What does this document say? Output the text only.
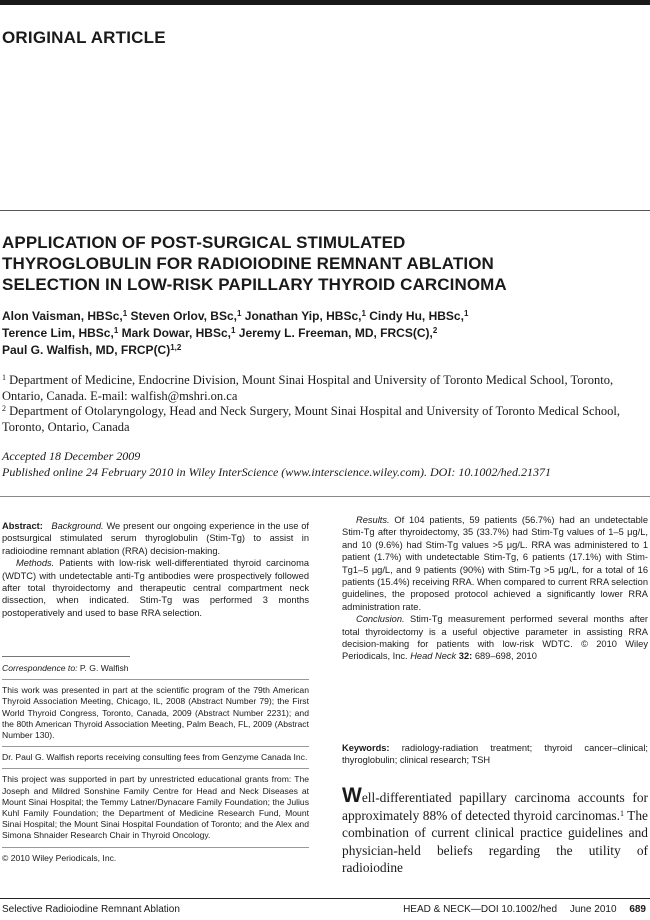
ORIGINAL ARTICLE
APPLICATION OF POST-SURGICAL STIMULATED
THYROGLOBULIN FOR RADIOIODINE REMNANT ABLATION
SELECTION IN LOW-RISK PAPILLARY THYROID CARCINOMA
Alon Vaisman, HBSc,$^1$ Steven Orlov, BSc,$^1$ Jonathan Yip, HBSc,$^1$ Cindy Hu, HBSc,$^1$
Terence Lim, HBSc,$^1$ Mark Dowar, HBSc,$^1$ Jeremy L. Freeman, MD, FRCS(C),$^2$
Paul G. Walfish, MD, $FRCP(C)^{1,2}$

$^1$ Department of Medicine, Endocrine Division, Mount Sinai Hospital and University of Toronto Medical School, Toronto, Ontario, Canada. E-mail: walfish@mshri.on.ca

$^2$ Department of Otolaryngology, Head and Neck Surgery, Mount Sinai Hospital and University of Toronto Medical School, Toronto, Ontario, Canada

Accepted 18 December 2009
Published online 24 February 2010 in Wiley InterScience (www.interscience.wiley.com). DOI: 10.1002/hed.21371

Abstract: Background. We present our ongoing experience in the use of postsurgical stimulated serum thyroglobulin (Stim-Tg) to assist in radioiodine remnant ablation (RRA) decision-making.

Methods. Patients with low-risk well-differentiated thyroid carcinoma (WDTC) with undetectable anti-Tg antibodies were prospectively followed after total thyroidectomy and therapeutic central compartment neck dissection, when indicated. Stim-Tg was performed 3 months postoperatively and used to base RRA selection.

Results. Of 104 patients, 59 patients (56.7%) had an undetectable Stim-Tg after thyroidectomy, 35 (33.7%) had Stim-Tg values of 1–5 μg/L, and 10 (9.6%) had Stim-Tg values >5 μg/L. RRA was administered to 1 patient (1.7%) with undetectable Stim-Tg, 6 patients (17.1%) with Stim-Tg1–5 μg/L, and 9 patients (90%) with Stim-Tg >5 μg/L, for a total of 16 patients (15.4%) receiving RRA. When compared to current RRA selection guidelines, the proposed protocol achieved a significantly lower RRA administration rate.

Conclusion. Stim-Tg measurement performed several months after total thyroidectomy is a useful objective parameter in assisting RRA decision-making for patients with low-risk WDTC. © 2010 Wiley Periodicals, Inc. Head Neck 32: 689–698, 2010

Correspondence to: P. G. Walfish

This work was presented in part at the scientific program of the 79th American Thyroid Association Meeting, Chicago, IL, 2008 (Abstract Number 79); the First World Thyroid Congress, Toronto, Canada, 2009 (Abstract Number 2231); and the 80th American Thyroid Association Meeting, Palm Beach, FL, 2009 (Abstract Number 130).

Dr. Paul G. Walfish reports receiving consulting fees from Genzyme Canada Inc.

This project was supported in part by unrestricted educational grants from: The Joseph and Mildred Sonshine Family Centre for Head and Neck Diseases at Mount Sinai Hospital; the Temmy Latner/Dynacare Family Foundation; the Julius Kuhl Family Foundation; the Department of Medicine Research Fund, Mount Sinai Hospital; the Mount Sinai Hospital Foundation of Toronto; and the Alex and Simona Shnaider Research Chair in Thyroid Oncology.

© 2010 Wiley Periodicals, Inc.

Keywords: radiology-radiation treatment; thyroid cancer–clinical; thyroglobulin; clinical research; TSH
Well-differentiated papillary carcinoma accounts for approximately 88% of detected thyroid carcinomas.$^1$ The combination of current clinical practice guidelines and physician-held beliefs regarding the utility of radioiodine
Selective Radioiodine Remnant Ablation	HEAD & NECK—DOI 10.1002/hed June 2010 689
